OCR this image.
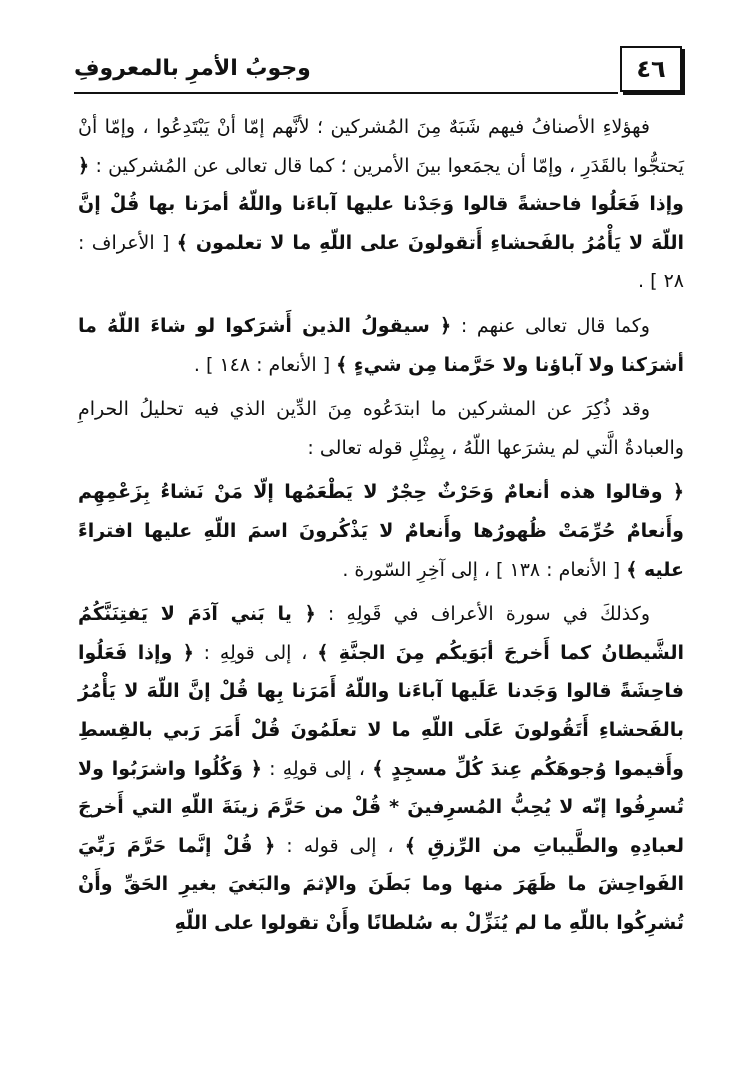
٤٦
وجوبُ الأمرِ بالمعروفِ

فهؤلاءِ الأصنافُ فيهم شَبَهٌ مِنَ المُشركين ؛ لأنَّهم إمّا أنْ يَبْتَدِعُوا ، وإمّا أنْ يَحتجُّوا بالقَدَرِ ، وإمّا أن يجمَعوا بينَ الأمرين ؛ كما قال تعالى عن المُشركين : ﴿ وإذا فَعَلُوا فاحشةً قالوا وَجَدْنا عليها آباءَنا واللّهُ أمرَنا بها قُلْ إنَّ اللّهَ لا يَأْمُرُ بالفَحشاءِ أَتقولونَ على اللّهِ ما لا تعلمون ﴾ [ الأعراف : ٢٨ ] .

وكما قال تعالى عنهم : ﴿ سيقولُ الذين أَشرَكوا لو شاءَ اللّهُ ما أشرَكنا ولا آباؤنا ولا حَرَّمنا مِن شيءٍ ﴾ [ الأنعام : ١٤٨ ] .

وقد ذُكِرَ عن المشركين ما ابتدَعُوه مِنَ الدِّين الذي فيه تحليلُ الحرامِ والعبادةُ الَّتي لم يشرَعها اللّهُ ، بِمِثْلِ قوله تعالى :

﴿ وقالوا هذه أنعامٌ وَحَرْثٌ حِجْرٌ لا يَطْعَمُها إلّا مَنْ نَشاءُ بِزَعْمِهِم وأَنعامٌ حُرِّمَتْ ظُهورُها وأَنعامٌ لا يَذْكُرونَ اسمَ اللّهِ عليها افتراءً عليه ﴾ [ الأنعام : ١٣٨ ] ، إلى آخِرِ السّورة .

وكذلكَ في سورة الأعراف في قَولِهِ : ﴿ يا بَني آدَمَ لا يَفتِنَنَّكُمُ الشَّيطانُ كما أَخرجَ أبَوَيكُم مِنَ الجنَّةِ ﴾ ، إلى قولِهِ : ﴿ وإذا فَعَلُوا فاحِشَةً قالوا وَجَدنا عَلَيها آباءَنا واللّهُ أَمَرَنا بِها قُلْ إنَّ اللّهَ لا يَأْمُرُ بالفَحشاءِ أَتَقُولونَ عَلَى اللّهِ ما لا تعلَمُونَ قُلْ أَمَرَ رَبي بالقِسطِ وأَقيموا وُجوهَكُم عِندَ كُلِّ مسجِدٍ ﴾ ، إلى قولِهِ : ﴿ وَكُلُوا واشرَبُوا ولا تُسرِفُوا إنّه لا يُحِبُّ المُسرِفينَ * قُلْ من حَرَّمَ زينَةَ اللّهِ التي أَخرجَ لعبادِهِ والطَّيباتِ من الرِّزقِ ﴾ ، إلى قوله : ﴿ قُلْ إنَّما حَرَّمَ رَبِّيَ الفَواحِشَ ما ظَهَرَ منها وما بَطَنَ والإثمَ والبَغيَ بغيرِ الحَقِّ وأَنْ تُشرِكُوا باللّهِ ما لم يُنَزِّلْ به سُلطانًا وأَنْ تقولوا على اللّهِ
